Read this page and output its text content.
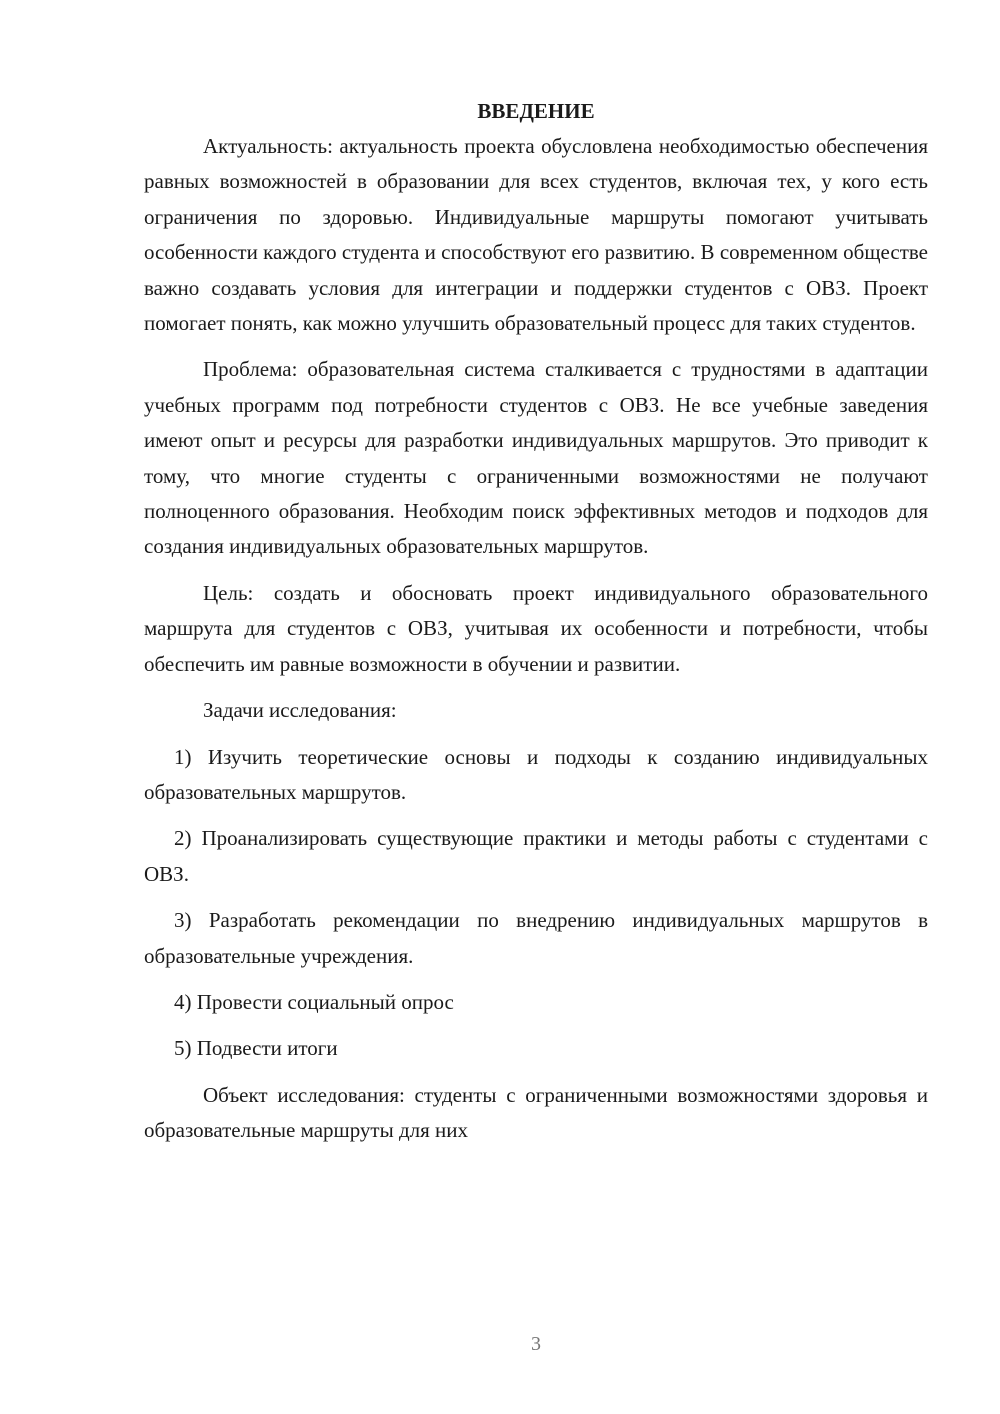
ВВЕДЕНИЕ

Актуальность: актуальность проекта обусловлена необходимостью обеспечения равных возможностей в образовании для всех студентов, включая тех, у кого есть ограничения по здоровью. Индивидуальные маршруты помогают учитывать особенности каждого студента и способствуют его развитию. В современном обществе важно создавать условия для интеграции и поддержки студентов с ОВЗ. Проект помогает понять, как можно улучшить образовательный процесс для таких студентов.

Проблема: образовательная система сталкивается с трудностями в адаптации учебных программ под потребности студентов с ОВЗ. Не все учебные заведения имеют опыт и ресурсы для разработки индивидуальных маршрутов. Это приводит к тому, что многие студенты с ограниченными возможностями не получают полноценного образования. Необходим поиск эффективных методов и подходов для создания индивидуальных образовательных маршрутов.

Цель: создать и обосновать проект индивидуального образовательного маршрута для студентов с ОВЗ, учитывая их особенности и потребности, чтобы обеспечить им равные возможности в обучении и развитии.

Задачи исследования:

1) Изучить теоретические основы и подходы к созданию индивидуальных образовательных маршрутов.

2) Проанализировать существующие практики и методы работы с студентами с ОВЗ.

3) Разработать рекомендации по внедрению индивидуальных маршрутов в образовательные учреждения.

4) Провести социальный опрос

5) Подвести итоги

Объект исследования: студенты с ограниченными возможностями здоровья и образовательные маршруты для них

3
